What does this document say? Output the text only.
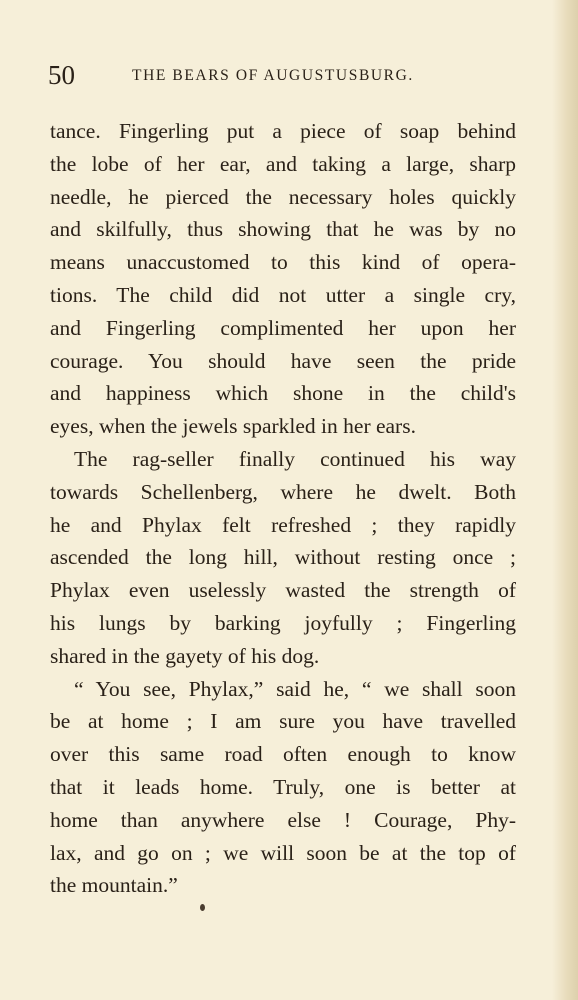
50	THE BEARS OF AUGUSTUSBURG.
tance. Fingerling put a piece of soap behind
the lobe of her ear, and taking a large, sharp
needle, he pierced the necessary holes quickly
and skilfully, thus showing that he was by no
means unaccustomed to this kind of opera-
tions. The child did not utter a single cry,
and Fingerling complimented her upon her
courage. You should have seen the pride
and happiness which shone in the child's
eyes, when the jewels sparkled in her ears.
The rag-seller finally continued his way
towards Schellenberg, where he dwelt. Both
he and Phylax felt refreshed ; they rapidly
ascended the long hill, without resting once ;
Phylax even uselessly wasted the strength of
his lungs by barking joyfully ; Fingerling
shared in the gayety of his dog.
“ You see, Phylax,” said he, “ we shall soon
be at home ; I am sure you have travelled
over this same road often enough to know
that it leads home. Truly, one is better at
home than anywhere else ! Courage, Phy-
lax, and go on ; we will soon be at the top of
the mountain.”
